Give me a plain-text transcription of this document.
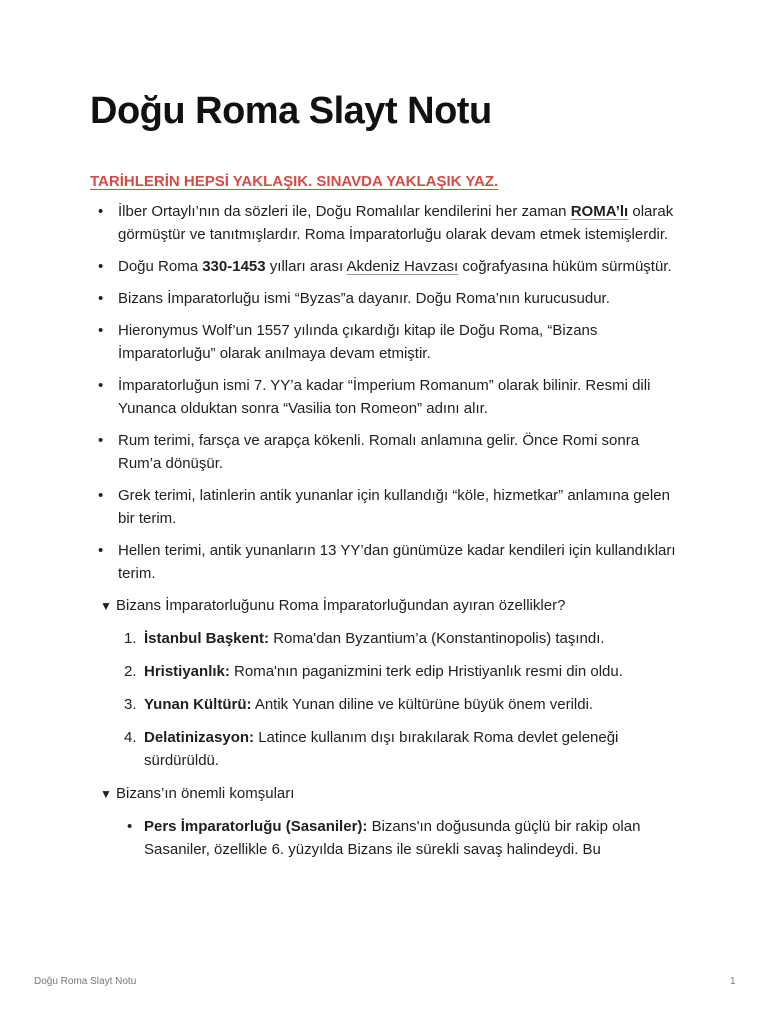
Doğu Roma Slayt Notu

TARİHLERİN HEPSİ YAKLAŞIK. SINAVDA YAKLAŞIK YAZ.

• İlber Ortaylı’nın da sözleri ile, Doğu Romalılar kendilerini her zaman ROMA’lı olarak görmüştür ve tanıtmışlardır. Roma İmparatorluğu olarak devam etmek istemişlerdir.
• Doğu Roma 330-1453 yılları arası Akdeniz Havzası coğrafyasına hüküm sürmüştür.
• Bizans İmparatorluğu ismi “Byzas”a dayanır. Doğu Roma’nın kurucusudur.
• Hieronymus Wolf’un 1557 yılında çıkardığı kitap ile Doğu Roma, “Bizans İmparatorluğu” olarak anılmaya devam etmiştir.
• İmparatorluğun ismi 7. YY’a kadar “İmperium Romanum” olarak bilinir. Resmi dili Yunanca olduktan sonra “Vasilia ton Romeon” adını alır.
• Rum terimi, farsça ve arapça kökenli. Romalı anlamına gelir. Önce Romi sonra Rum’a dönüşür.
• Grek terimi, latinlerin antik yunanlar için kullandığı “köle, hizmetkar” anlamına gelen bir terim.
• Hellen terimi, antik yunanların 13 YY’dan günümüze kadar kendileri için kullandıkları terim.
▼ Bizans İmparatorluğunu Roma İmparatorluğundan ayıran özellikler?
1. İstanbul Başkent: Roma'dan Byzantium’a (Konstantinopolis) taşındı.
2. Hristiyanlık: Roma'nın paganizmini terk edip Hristiyanlık resmi din oldu.
3. Yunan Kültürü: Antik Yunan diline ve kültürüne büyük önem verildi.
4. Delatinizasyon: Latince kullanım dışı bırakılarak Roma devlet geleneği sürdürüldü.
▼ Bizans’ın önemli komşuları
• Pers İmparatorluğu (Sasaniler): Bizans'ın doğusunda güçlü bir rakip olan Sasaniler, özellikle 6. yüzyılda Bizans ile sürekli savaş halindeydi. Bu
Doğu Roma Slayt Notu	1
